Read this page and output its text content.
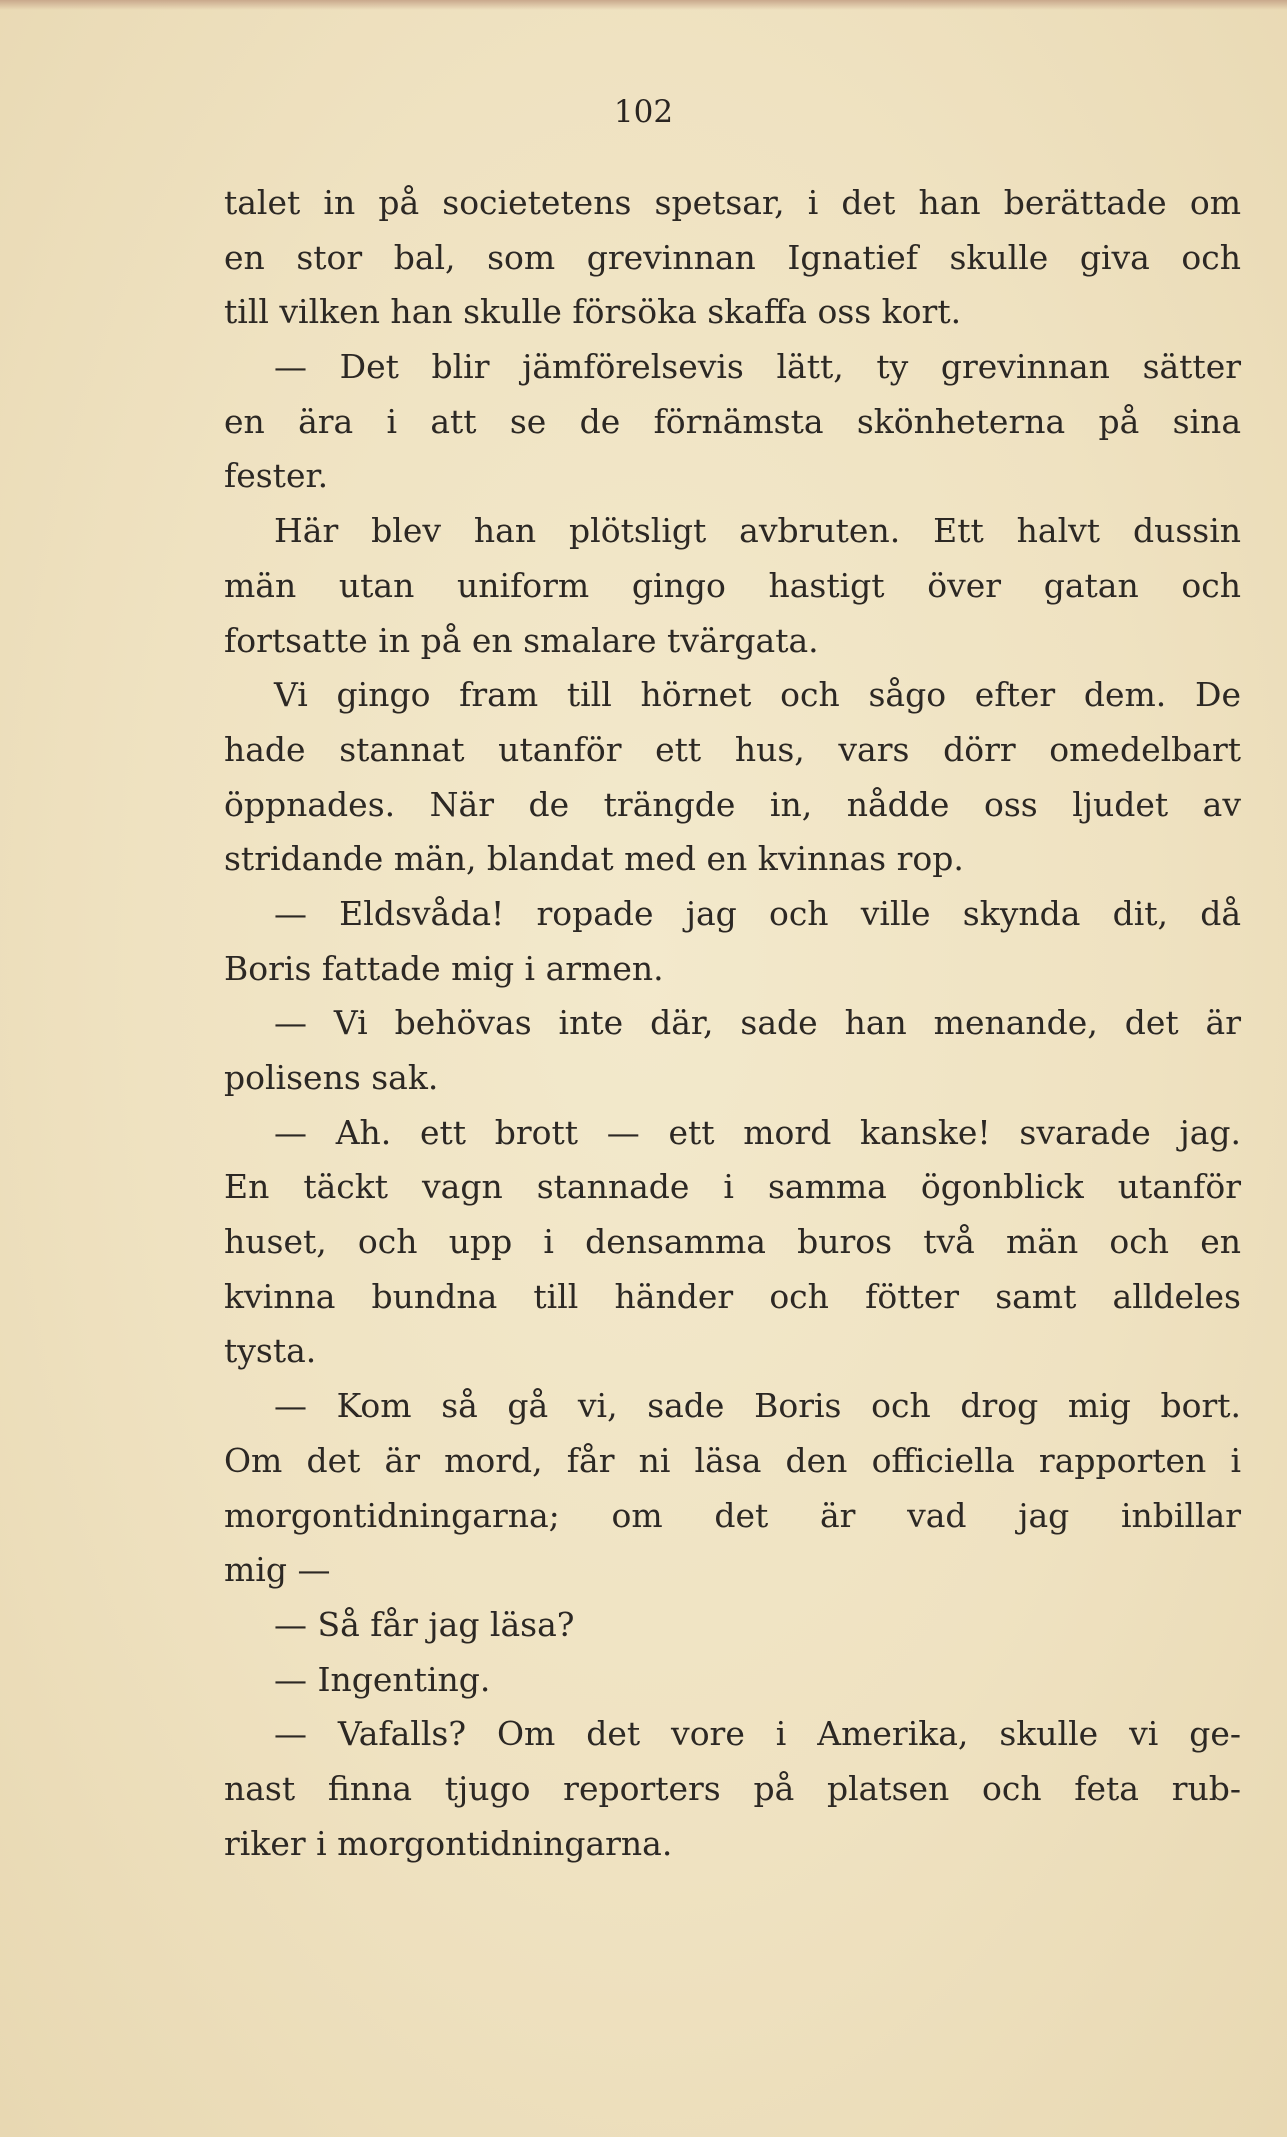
102
talet in på societetens spetsar, i det han berättade om
en stor bal, som grevinnan Ignatief skulle giva och
till vilken han skulle försöka skaffa oss kort.
— Det blir jämförelsevis lätt, ty grevinnan sätter
en ära i att se de förnämsta skönheterna på sina
fester.
Här blev han plötsligt avbruten. Ett halvt dussin
män utan uniform gingo hastigt över gatan och
fortsatte in på en smalare tvärgata.
Vi gingo fram till hörnet och sågo efter dem. De
hade stannat utanför ett hus, vars dörr omedelbart
öppnades. När de trängde in, nådde oss ljudet av
stridande män, blandat med en kvinnas rop.
— Eldsvåda! ropade jag och ville skynda dit, då
Boris fattade mig i armen.
— Vi behövas inte där, sade han menande, det är
polisens sak.
— Ah. ett brott — ett mord kanske! svarade jag.
En täckt vagn stannade i samma ögonblick utanför
huset, och upp i densamma buros två män och en
kvinna bundna till händer och fötter samt alldeles
tysta.
— Kom så gå vi, sade Boris och drog mig bort.
Om det är mord, får ni läsa den officiella rapporten i
morgontidningarna; om det är vad jag inbillar
mig —
— Så får jag läsa?
— Ingenting.
— Vafalls? Om det vore i Amerika, skulle vi ge-
nast finna tjugo reporters på platsen och feta rub-
riker i morgontidningarna.
